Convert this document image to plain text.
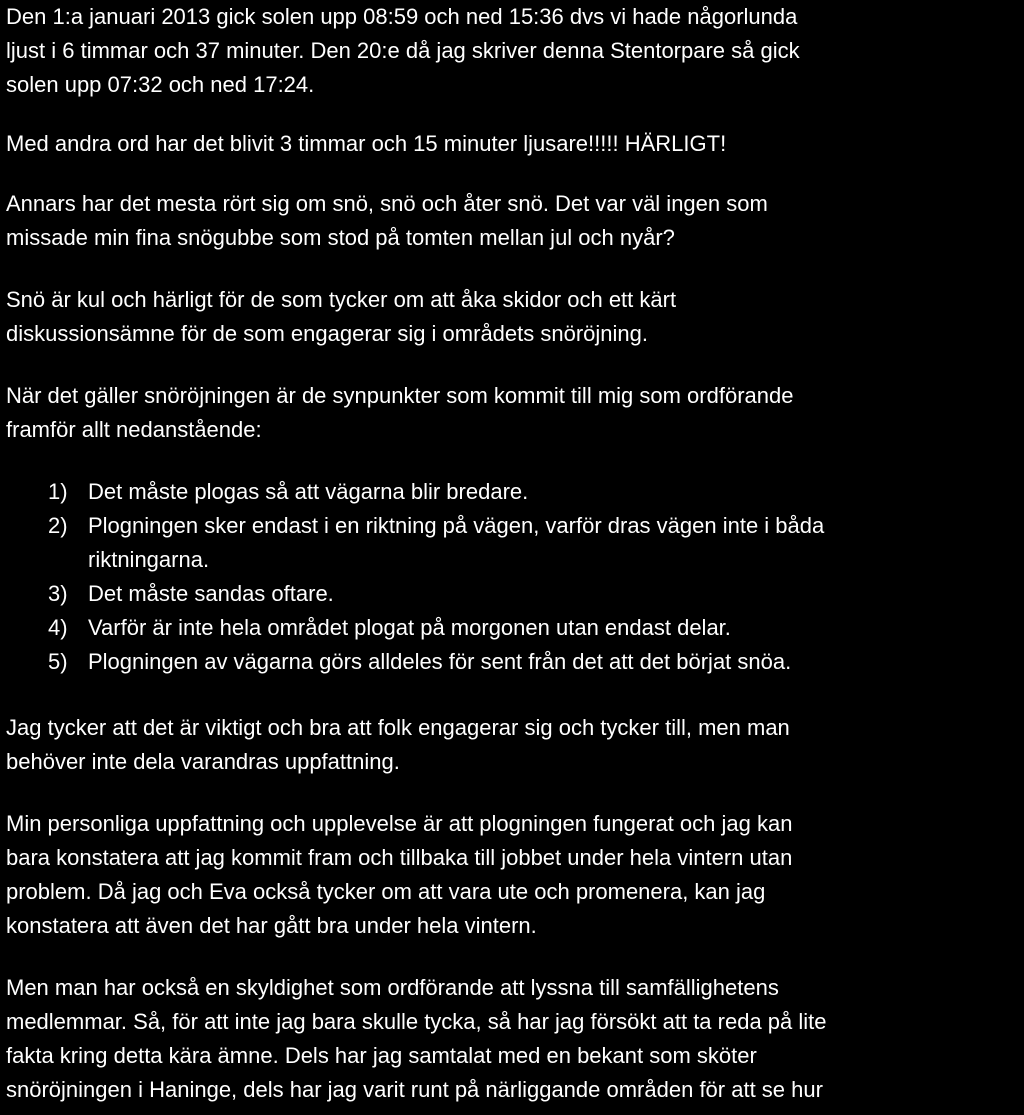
Den 1:a januari 2013 gick solen upp 08:59 och ned 15:36 dvs vi hade någorlunda
ljust i 6 timmar och 37 minuter. Den 20:e då jag skriver denna Stentorpare så gick
solen upp 07:32 och ned 17:24.

Med andra ord har det blivit 3 timmar och 15 minuter ljusare!!!!! HÄRLIGT!

Annars har det mesta rört sig om snö, snö och åter snö. Det var väl ingen som
missade min fina snögubbe som stod på tomten mellan jul och nyår?

Snö är kul och härligt för de som tycker om att åka skidor och ett kärt
diskussionsämne för de som engagerar sig i områdets snöröjning.

När det gäller snöröjningen är de synpunkter som kommit till mig som ordförande
framför allt nedanstående:

1) Det måste plogas så att vägarna blir bredare.
2) Plogningen sker endast i en riktning på vägen, varför dras vägen inte i båda
riktningarna.
3) Det måste sandas oftare.
4) Varför är inte hela området plogat på morgonen utan endast delar.
5) Plogningen av vägarna görs alldeles för sent från det att det börjat snöa.

Jag tycker att det är viktigt och bra att folk engagerar sig och tycker till, men man
behöver inte dela varandras uppfattning.

Min personliga uppfattning och upplevelse är att plogningen fungerat och jag kan
bara konstatera att jag kommit fram och tillbaka till jobbet under hela vintern utan
problem. Då jag och Eva också tycker om att vara ute och promenera, kan jag
konstatera att även det har gått bra under hela vintern.

Men man har också en skyldighet som ordförande att lyssna till samfällighetens
medlemmar. Så, för att inte jag bara skulle tycka, så har jag försökt att ta reda på lite
fakta kring detta kära ämne. Dels har jag samtalat med en bekant som sköter
snöröjningen i Haninge, dels har jag varit runt på närliggande områden för att se hur
